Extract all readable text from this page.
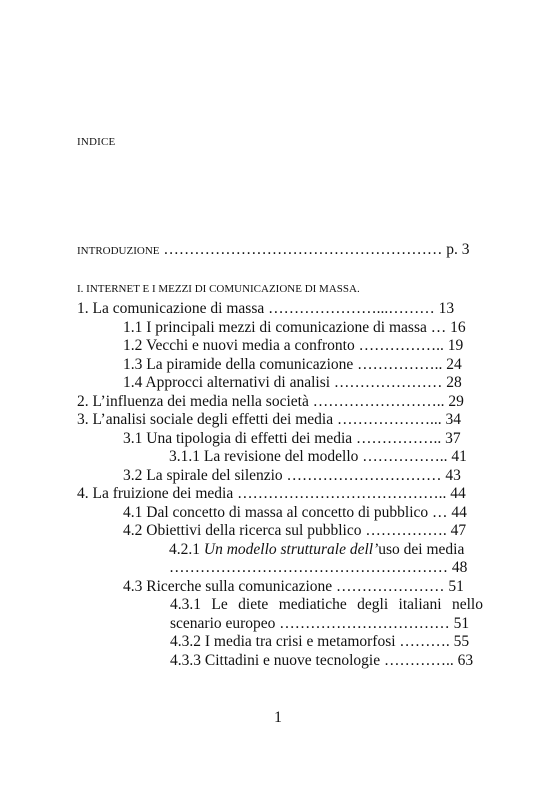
INDICE
INTRODUZIONE ……………………………………………… p. 3
I. INTERNET E I MEZZI DI COMUNICAZIONE DI MASSA.
1. La comunicazione di massa …………………...……… 13
1.1 I principali mezzi di comunicazione di massa … 16
1.2 Vecchi e nuovi media a confronto …………….. 19
1.3 La piramide della comunicazione …………….. 24
1.4 Approcci alternativi di analisi ………………… 28
2. L’influenza dei media nella società …………………….. 29
3. L’analisi sociale degli effetti dei media ………………... 34
3.1 Una tipologia di effetti dei media …………….. 37
3.1.1 La revisione del modello …………….. 41
3.2 La spirale del silenzio ………………………… 43
4. La fruizione dei media ………………………………….. 44
4.1 Dal concetto di massa al concetto di pubblico … 44
4.2 Obiettivi della ricerca sul pubblico ……………. 47
4.2.1 Un modello strutturale dell’uso dei media
……………………………………………… 48
4.3 Ricerche sulla comunicazione ………………… 51
4.3.1 Le diete mediatiche degli italiani nello
scenario europeo …………………………… 51
4.3.2 I media tra crisi e metamorfosi ………. 55
4.3.3 Cittadini e nuove tecnologie ………….. 63
1
